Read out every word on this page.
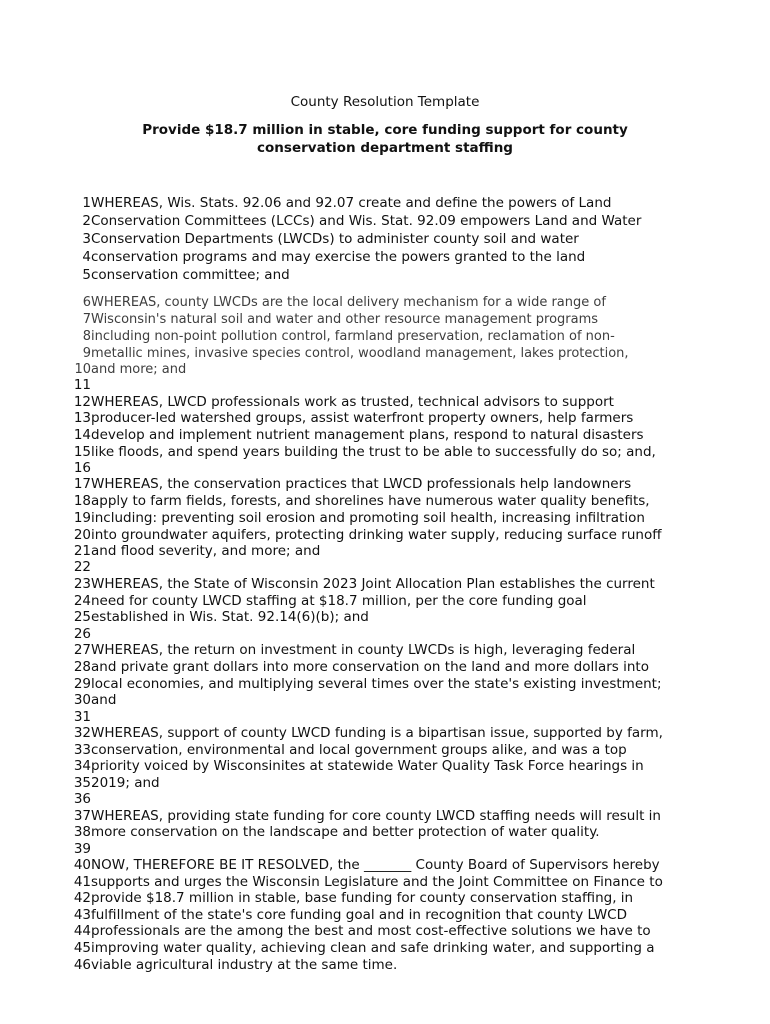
County Resolution Template
Provide $18.7 million in stable, core funding support for county conservation department staffing
1WHEREAS, Wis. Stats. 92.06 and 92.07 create and define the powers of Land
2Conservation Committees (LCCs) and Wis. Stat. 92.09 empowers Land and Water
3Conservation Departments (LWCDs) to administer county soil and water
4conservation programs and may exercise the powers granted to the land
5conservation committee; and
6WHEREAS, county LWCDs are the local delivery mechanism for a wide range of
7Wisconsin's natural soil and water and other resource management programs
8including non-point pollution control, farmland preservation, reclamation of non-
9metallic mines, invasive species control, woodland management, lakes protection,
10and more; and
11
12WHEREAS, LWCD professionals work as trusted, technical advisors to support
13producer-led watershed groups, assist waterfront property owners, help farmers
14develop and implement nutrient management plans, respond to natural disasters
15like floods, and spend years building the trust to be able to successfully do so; and,
16
17WHEREAS, the conservation practices that LWCD professionals help landowners
18apply to farm fields, forests, and shorelines have numerous water quality benefits,
19including: preventing soil erosion and promoting soil health, increasing infiltration
20into groundwater aquifers, protecting drinking water supply, reducing surface runoff
21and flood severity, and more; and
22
23WHEREAS, the State of Wisconsin 2023 Joint Allocation Plan establishes the current
24need for county LWCD staffing at $18.7 million, per the core funding goal
25established in Wis. Stat. 92.14(6)(b); and
26
27WHEREAS, the return on investment in county LWCDs is high, leveraging federal
28and private grant dollars into more conservation on the land and more dollars into
29local economies, and multiplying several times over the state's existing investment;
30and
31
32WHEREAS, support of county LWCD funding is a bipartisan issue, supported by farm,
33conservation, environmental and local government groups alike, and was a top
34priority voiced by Wisconsinites at statewide Water Quality Task Force hearings in
352019; and
36
37WHEREAS, providing state funding for core county LWCD staffing needs will result in
38more conservation on the landscape and better protection of water quality.
39
40NOW, THEREFORE BE IT RESOLVED, the _______ County Board of Supervisors hereby
41supports and urges the Wisconsin Legislature and the Joint Committee on Finance to
42provide $18.7 million in stable, base funding for county conservation staffing, in
43fulfillment of the state's core funding goal and in recognition that county LWCD
44professionals are the among the best and most cost-effective solutions we have to
45improving water quality, achieving clean and safe drinking water, and supporting a
46viable agricultural industry at the same time.
